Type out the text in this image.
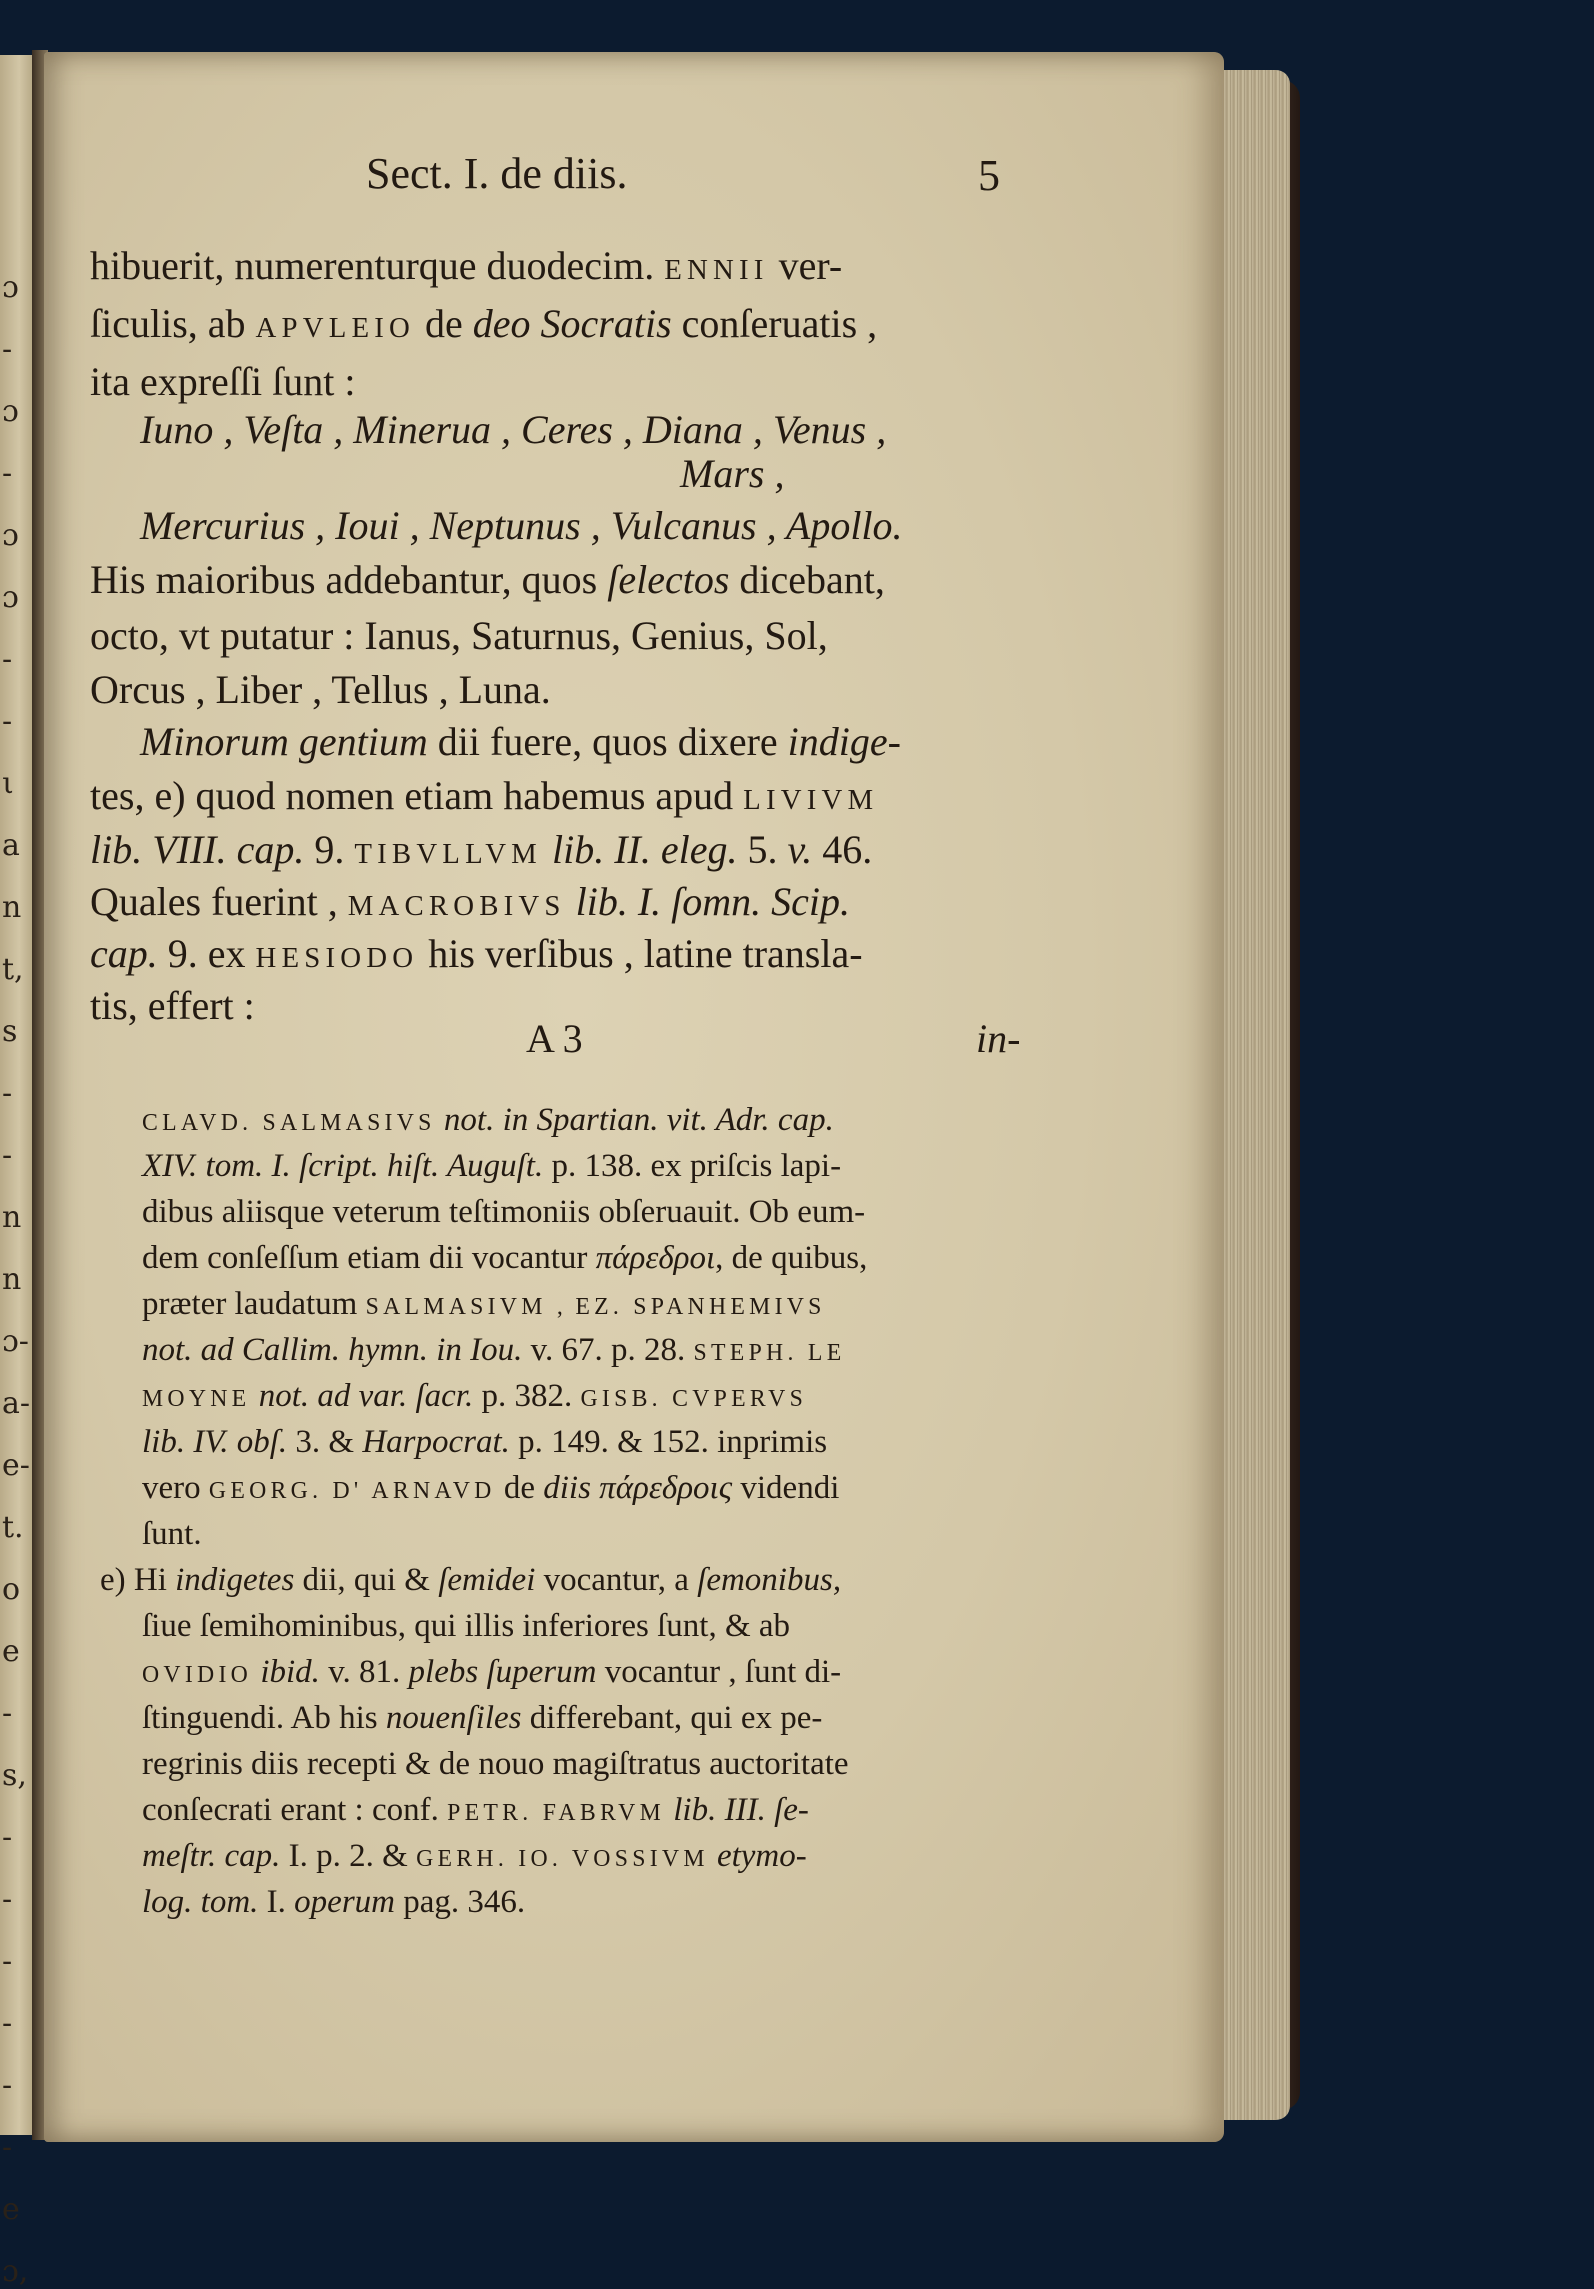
ɔ
-
ɔ
-
ɔ
ɔ
-
-
ι
a
n
t,
s
-
-
n
n
ɔ-
a-
e-
t.
o
e
-
s,
-
-
-
-
-
-
e
ɔ,
Sect. I. de diis.	5
hibuerit, numerenturque duodecim. ENNII ver-
ſiculis, ab APVLEIO de deo Socratis conſeruatis ,
ita expreſſi ſunt :
Iuno , Veſta , Minerua , Ceres , Diana , Venus ,
Mars ,
Mercurius , Ioui , Neptunus , Vulcanus , Apollo.
His maioribus addebantur, quos ſelectos dicebant,
octo, vt putatur : Ianus, Saturnus, Genius, Sol,
Orcus , Liber , Tellus , Luna.
Minorum gentium dii fuere, quos dixere indige-
tes, e) quod nomen etiam habemus apud LIVIVM
lib. VIII. cap. 9. TIBVLLVM lib. II. eleg. 5. v. 46.
Quales fuerint , MACROBIVS lib. I. ſomn. Scip.
cap. 9. ex HESIODO his verſibus , latine transla-
tis, effert :
A 3	in-
CLAVD. SALMASIVS not. in Spartian. vit. Adr. cap.
XIV. tom. I. ſcript. hiſt. Auguſt. p. 138. ex priſcis lapi-
dibus aliisque veterum teſtimoniis obſeruauit. Ob eum-
dem conſeſſum etiam dii vocantur πάρεδροι, de quibus,
præter laudatum SALMASIVM , EZ. SPANHEMIVS
not. ad Callim. hymn. in Iou. v. 67. p. 28. STEPH. LE
MOYNE not. ad var. ſacr. p. 382. GISB. CVPERVS
lib. IV. obſ. 3. & Harpocrat. p. 149. & 152. inprimis
vero GEORG. D' ARNAVD de diis πάρεδροις videndi
ſunt.
e) Hi indigetes dii, qui & ſemidei vocantur, a ſemonibus,
ſiue ſemihominibus, qui illis inferiores ſunt, & ab
OVIDIO ibid. v. 81. plebs ſuperum vocantur , ſunt di-
ſtinguendi. Ab his nouenſiles differebant, qui ex pe-
regrinis diis recepti & de nouo magiſtratus auctoritate
conſecrati erant : conf. PETR. FABRVM lib. III. ſe-
meſtr. cap. I. p. 2. & GERH. IO. VOSSIVM etymo-
log. tom. I. operum pag. 346.
